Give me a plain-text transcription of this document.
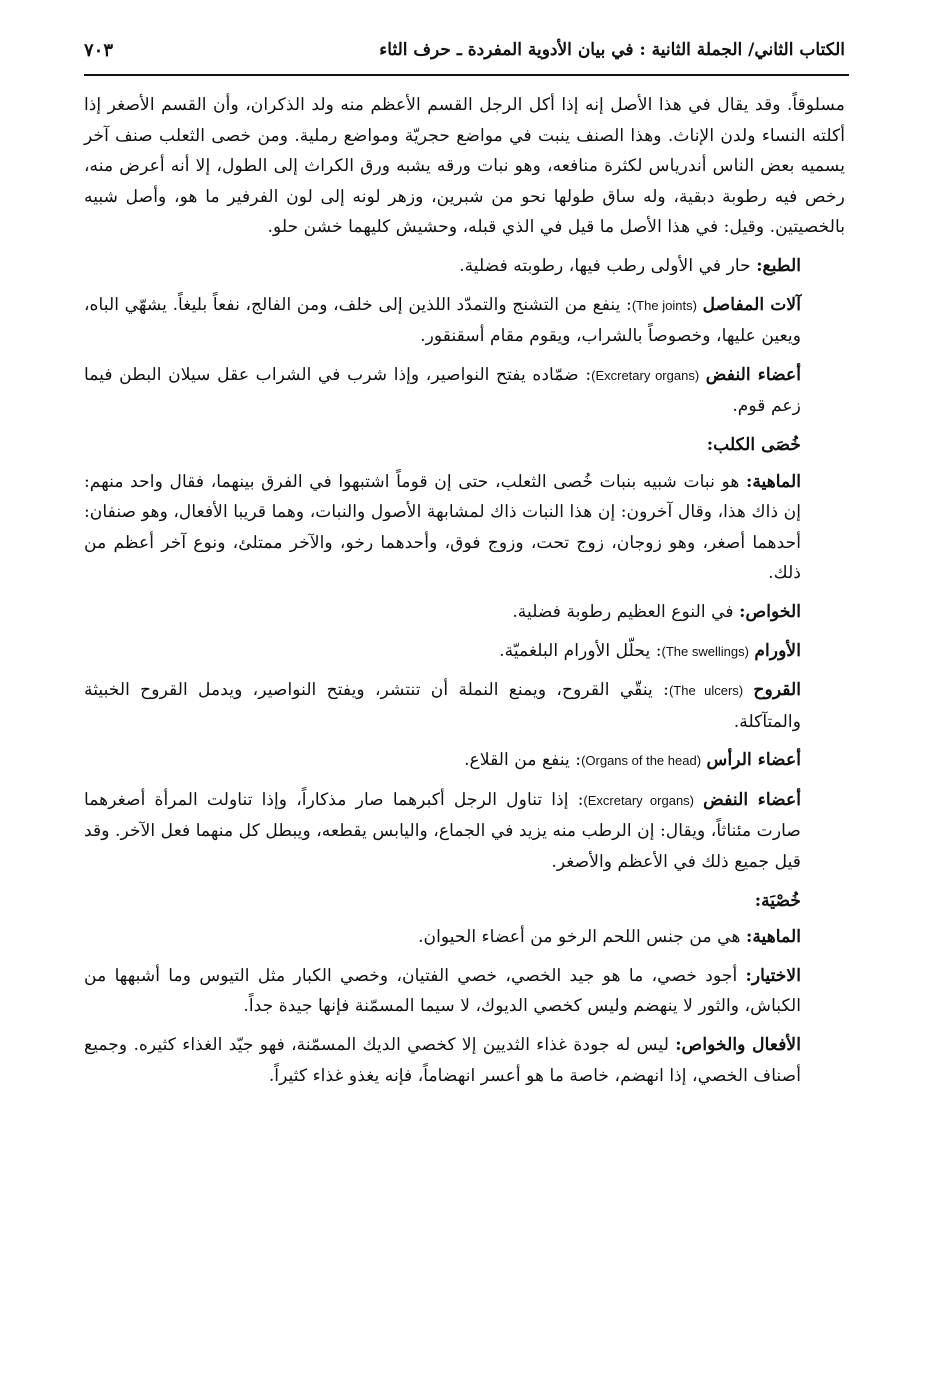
الكتاب الثاني/ الجملة الثانية : في بيان الأدوية المفردة ـ حرف الثاء
٧٠٣

مسلوقاً. وقد يقال في هذا الأصل إنه إذا أكل الرجل القسم الأعظم منه ولد الذكران، وأن القسم الأصغر إذا أكلته النساء ولدن الإناث. وهذا الصنف ينبت في مواضع حجريّة ومواضع رملية. ومن خصى الثعلب صنف آخر يسميه بعض الناس أندرياس لكثرة منافعه، وهو نبات ورقه يشبه ورق الكراث إلى الطول، إلا أنه أعرض منه، رخص فيه رطوبة دبقية، وله ساق طولها نحو من شبرين، وزهر لونه إلى لون الفرفير ما هو، وأصل شبيه بالخصيتين. وقيل: في هذا الأصل ما قيل في الذي قبله، وحشيش كليهما خشن حلو.

الطبع: حار في الأولى رطب فيها، رطوبته فضلية.

آلات المفاصل (The joints): ينفع من التشنج والتمدّد اللذين إلى خلف، ومن الفالج، نفعاً بليغاً. يشهّي الباه، ويعين عليها، وخصوصاً بالشراب، ويقوم مقام أسقنقور.

أعضاء النفض (Excretary organs): ضمّاده يفتح النواصير، وإذا شرب في الشراب عقل سيلان البطن فيما زعم قوم.

خُصَى الكلب:

الماهية: هو نبات شبيه بنبات خُصى الثعلب، حتى إن قوماً اشتبهوا في الفرق بينهما، فقال واحد منهم: إن ذاك هذا، وقال آخرون: إن هذا النبات ذاك لمشابهة الأصول والنبات، وهما قريبا الأفعال، وهو صنفان: أحدهما أصغر، وهو زوجان، زوج تحت، وزوج فوق، وأحدهما رخو، والآخر ممتلئ، ونوع آخر أعظم من ذلك.

الخواص: في النوع العظيم رطوبة فضلية.

الأورام (The swellings): يحلّل الأورام البلغميّة.

القروح (The ulcers): ينقّي القروح، ويمنع النملة أن تنتشر، ويفتح النواصير، ويدمل القروح الخبيثة والمتآكلة.

أعضاء الرأس (Organs of the head): ينفع من القلاع.

أعضاء النفض (Excretary organs): إذا تناول الرجل أكبرهما صار مذكاراً، وإذا تناولت المرأة أصغرهما صارت مئناثاً، ويقال: إن الرطب منه يزيد في الجماع، واليابس يقطعه، ويبطل كل منهما فعل الآخر. وقد قيل جميع ذلك في الأعظم والأصغر.

خُصْيَة:

الماهية: هي من جنس اللحم الرخو من أعضاء الحيوان.

الاختيار: أجود خصي، ما هو جيد الخصي، خصي الفتيان، وخصي الكبار مثل التيوس وما أشبهها من الكباش، والثور لا ينهضم وليس كخصي الديوك، لا سيما المسمّنة فإنها جيدة جداً.

الأفعال والخواص: ليس له جودة غذاء الثديين إلا كخصي الديك المسمّنة، فهو جيّد الغذاء كثيره. وجميع أصناف الخصي، إذا انهضم، خاصة ما هو أعسر انهضاماً، فإنه يغذو غذاء كثيراً.
